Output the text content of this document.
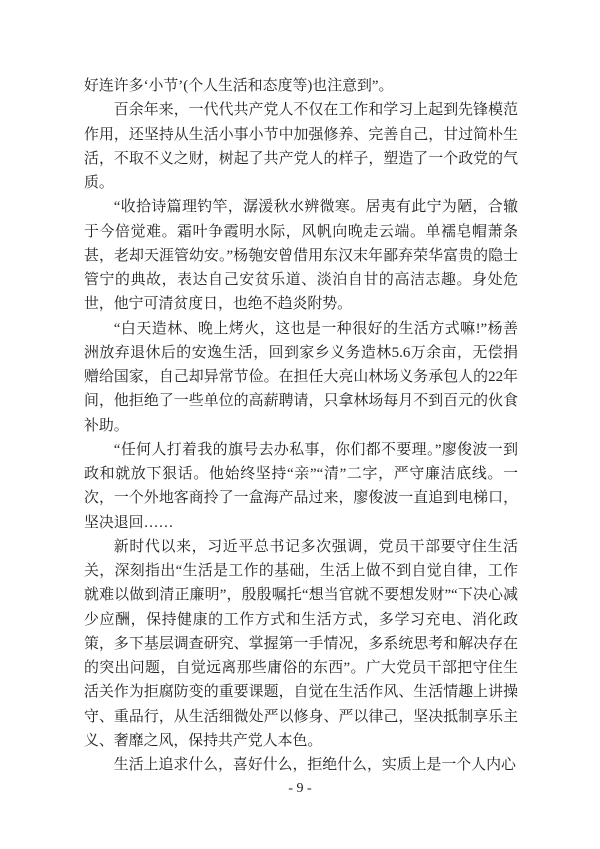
好连许多‘小节’(个人生活和态度等)也注意到”。

百余年来，一代代共产党人不仅在工作和学习上起到先锋模范作用，还坚持从生活小事小节中加强修养、完善自己，甘过简朴生活，不取不义之财，树起了共产党人的样子，塑造了一个政党的气质。

“收拾诗篇理钓竿，潺湲秋水辨微寒。居夷有此宁为陋，合辙于今倍觉难。霜叶争霞明水际，风帆向晚走云端。单襦皂帽萧条甚，老却天涯管幼安。”杨匏安曾借用东汉末年鄙弃荣华富贵的隐士管宁的典故，表达自己安贫乐道、淡泊自甘的高洁志趣。身处危世，他宁可清贫度日，也绝不趋炎附势。

“白天造林、晚上烤火，这也是一种很好的生活方式嘛!”杨善洲放弃退休后的安逸生活，回到家乡义务造林5.6万余亩，无偿捐赠给国家，自己却异常节俭。在担任大亮山林场义务承包人的22年间，他拒绝了一些单位的高薪聘请，只拿林场每月不到百元的伙食补助。

“任何人打着我的旗号去办私事，你们都不要理。”廖俊波一到政和就放下狠话。他始终坚持“亲”“清”二字，严守廉洁底线。一次，一个外地客商拎了一盒海产品过来，廖俊波一直追到电梯口，坚决退回……

新时代以来，习近平总书记多次强调，党员干部要守住生活关，深刻指出“生活是工作的基础，生活上做不到自觉自律，工作就难以做到清正廉明”，殷殷嘱托“想当官就不要想发财”“下决心减少应酬，保持健康的工作方式和生活方式，多学习充电、消化政策，多下基层调查研究、掌握第一手情况，多系统思考和解决存在的突出问题，自觉远离那些庸俗的东西”。广大党员干部把守住生活关作为拒腐防变的重要课题，自觉在生活作风、生活情趣上讲操守、重品行，从生活细微处严以修身、严以律己，坚决抵制享乐主义、奢靡之风，保持共产党人本色。

生活上追求什么，喜好什么，拒绝什么，实质上是一个人内心

- 9 -
